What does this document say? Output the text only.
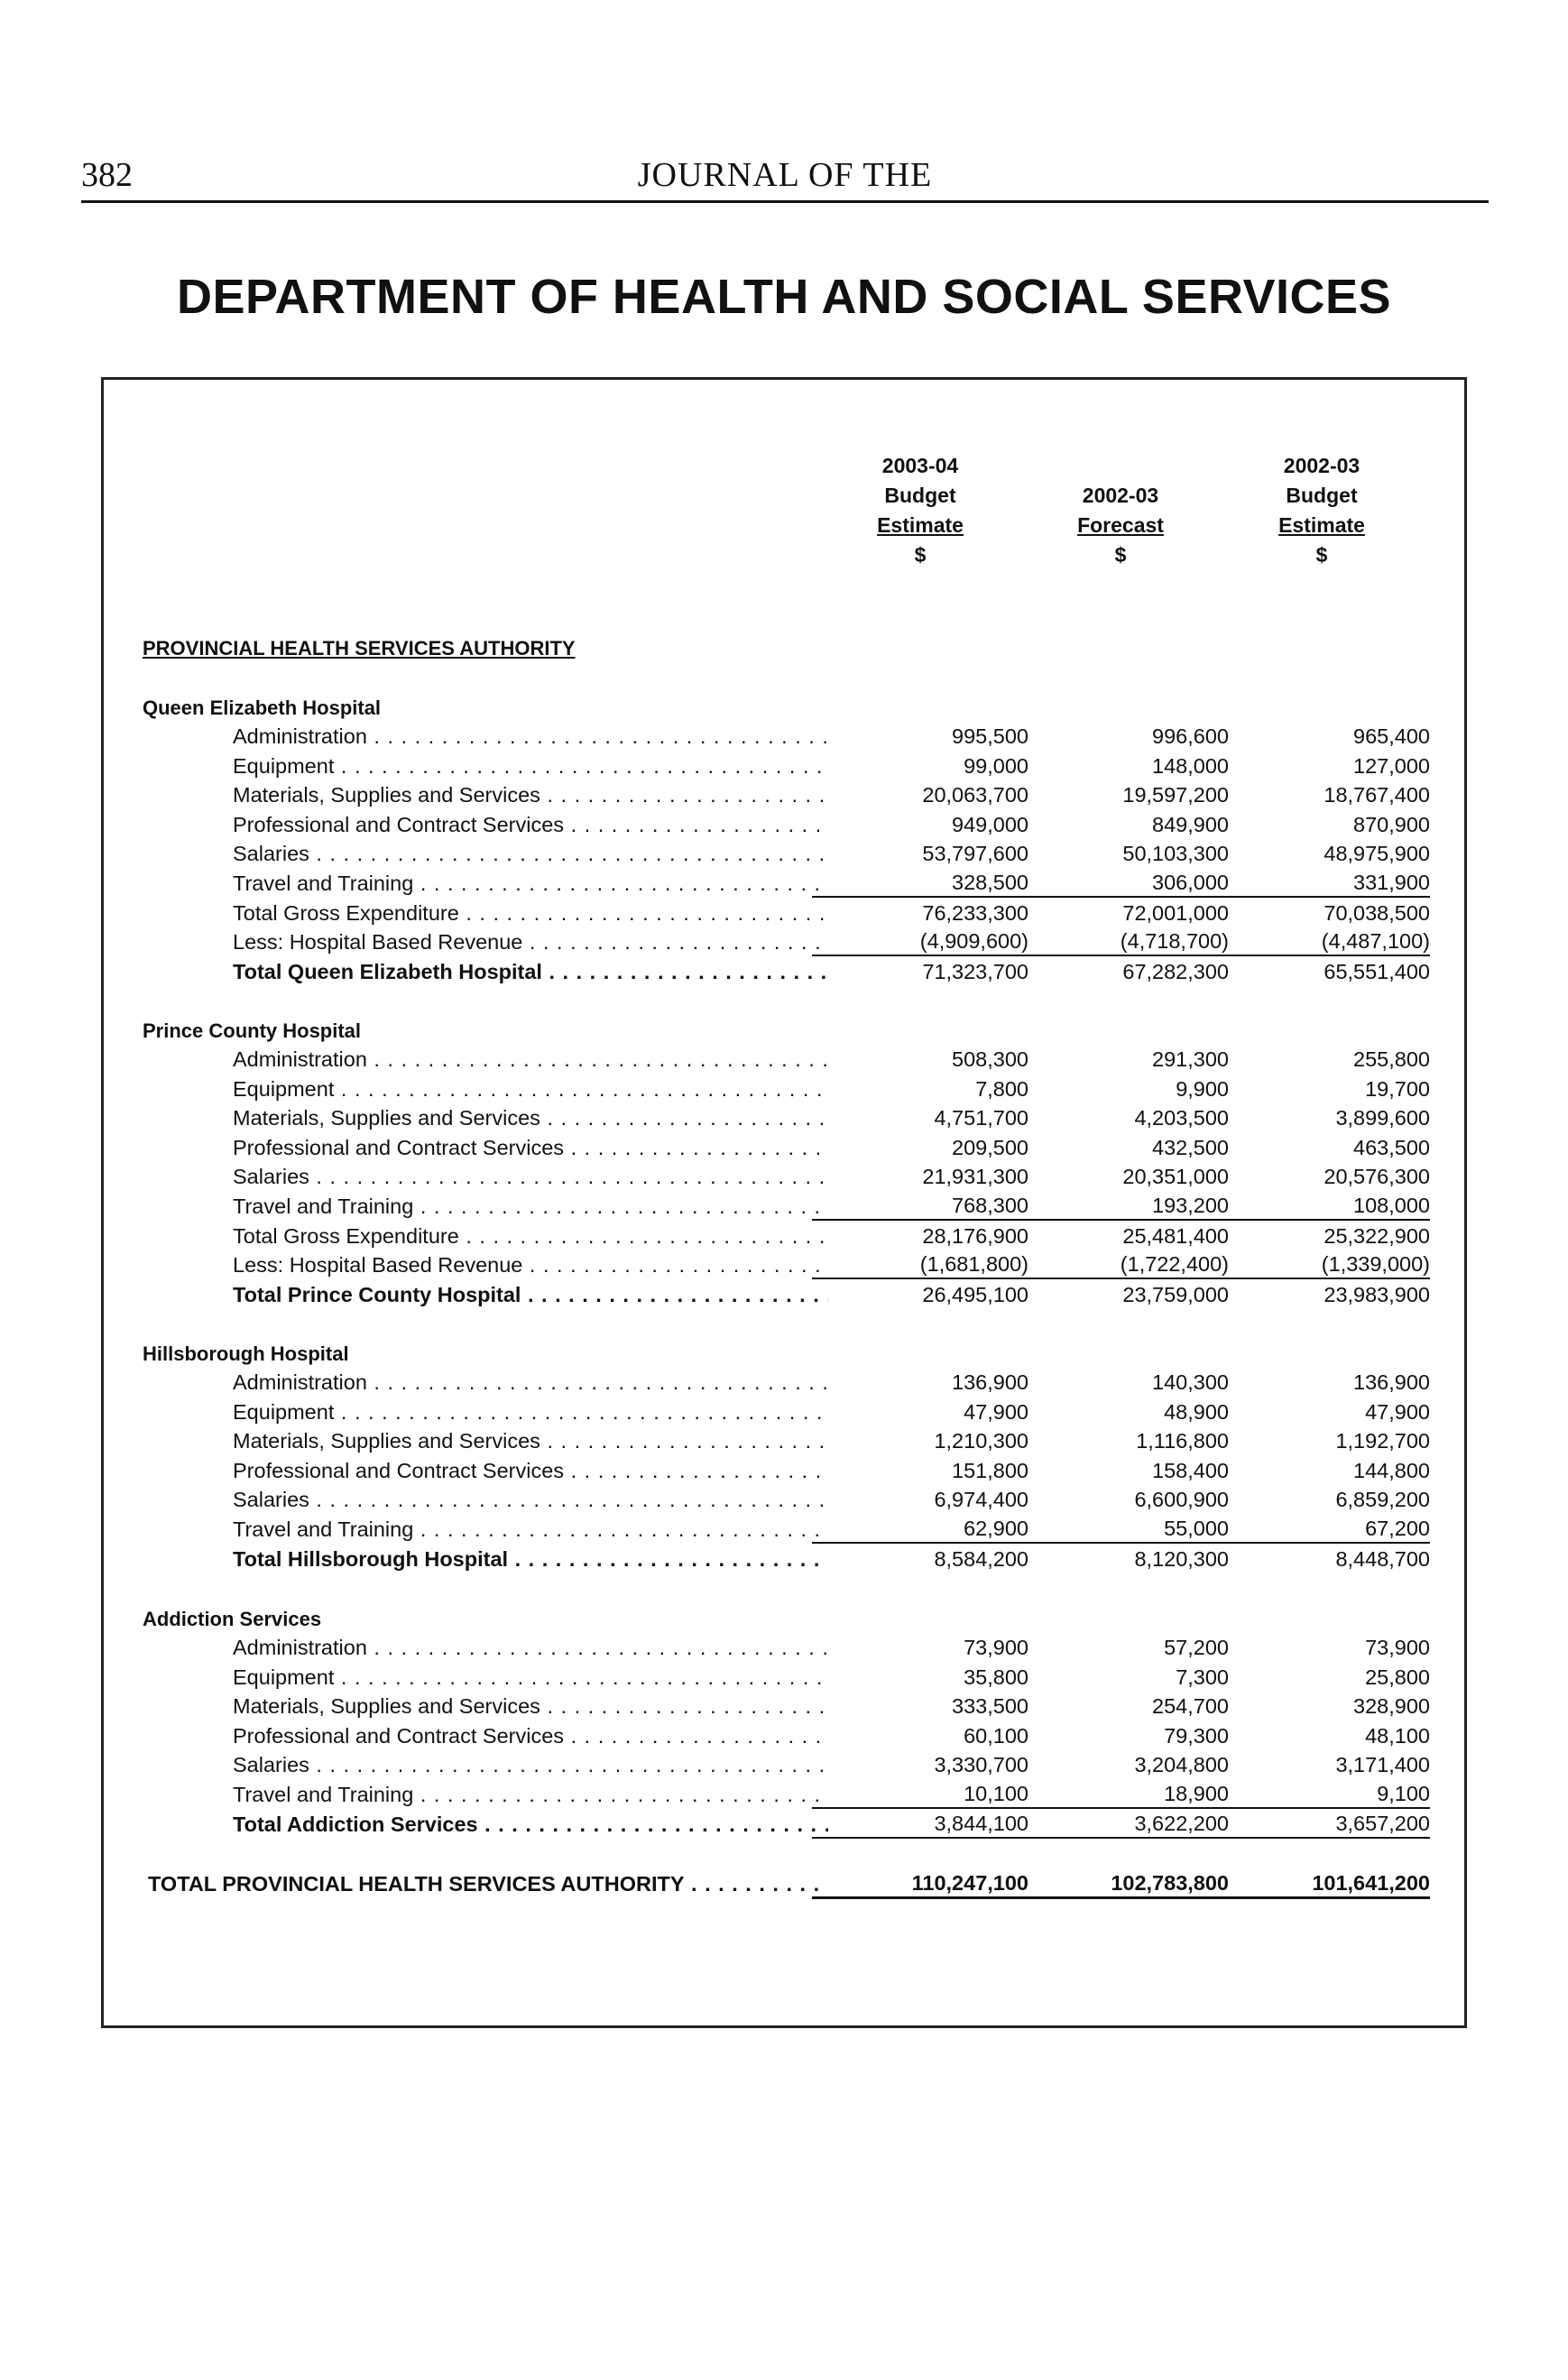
382	JOURNAL OF THE
DEPARTMENT OF HEALTH AND SOCIAL SERVICES
2003-04
Budget
Estimate
$
2002-03
Forecast
$
2002-03
Budget
Estimate
$
PROVINCIAL HEALTH SERVICES AUTHORITY
Queen Elizabeth Hospital
Administration . . .	995,500	996,600	965,400
Equipment . . .	99,000	148,000	127,000
Materials, Supplies and Services . . .	20,063,700	19,597,200	18,767,400
Professional and Contract Services . . .	949,000	849,900	870,900
Salaries . . .	53,797,600	50,103,300	48,975,900
Travel and Training . . .	328,500	306,000	331,900
Total Gross Expenditure . . .	76,233,300	72,001,000	70,038,500
Less: Hospital Based Revenue . . .	(4,909,600)	(4,718,700)	(4,487,100)
Total Queen Elizabeth Hospital . . .	71,323,700	67,282,300	65,551,400
Prince County Hospital
Administration . . .	508,300	291,300	255,800
Equipment . . .	7,800	9,900	19,700
Materials, Supplies and Services . . .	4,751,700	4,203,500	3,899,600
Professional and Contract Services . . .	209,500	432,500	463,500
Salaries . . .	21,931,300	20,351,000	20,576,300
Travel and Training . . .	768,300	193,200	108,000
Total Gross Expenditure . . .	28,176,900	25,481,400	25,322,900
Less: Hospital Based Revenue . . .	(1,681,800)	(1,722,400)	(1,339,000)
Total Prince County Hospital . . .	26,495,100	23,759,000	23,983,900
Hillsborough Hospital
Administration . . .	136,900	140,300	136,900
Equipment . . .	47,900	48,900	47,900
Materials, Supplies and Services . . .	1,210,300	1,116,800	1,192,700
Professional and Contract Services . . .	151,800	158,400	144,800
Salaries . . .	6,974,400	6,600,900	6,859,200
Travel and Training . . .	62,900	55,000	67,200
Total Hillsborough Hospital . . .	8,584,200	8,120,300	8,448,700
Addiction Services
Administration . . .	73,900	57,200	73,900
Equipment . . .	35,800	7,300	25,800
Materials, Supplies and Services . . .	333,500	254,700	328,900
Professional and Contract Services . . .	60,100	79,300	48,100
Salaries . . .	3,330,700	3,204,800	3,171,400
Travel and Training . . .	10,100	18,900	9,100
Total Addiction Services . . .	3,844,100	3,622,200	3,657,200
TOTAL PROVINCIAL HEALTH SERVICES AUTHORITY . . .	110,247,100	102,783,800	101,641,200
